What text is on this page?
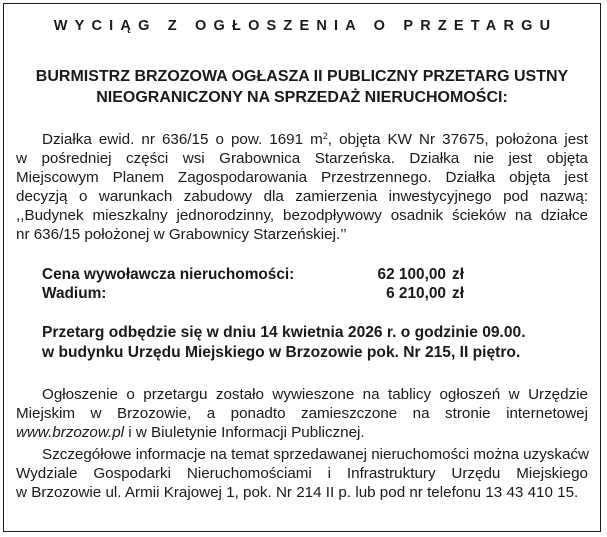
WYCIĄG Z OGŁOSZENIA O PRZETARGU
BURMISTRZ BRZOZOWA OGŁASZA II PUBLICZNY PRZETARG USTNY
NIEOGRANICZONY NA SPRZEDAŻ NIERUCHOMOŚCI:
Działka ewid. nr 636/15 o pow. 1691 $m^2$, objęta KW Nr 37675, położona jest
w pośredniej części wsi Grabownica Starzeńska. Działka nie jest objęta
Miejscowym Planem Zagospodarowania Przestrzennego. Działka objęta jest
decyzją o warunkach zabudowy dla zamierzenia inwestycyjnego pod nazwą:
,,Budynek mieszkalny jednorodzinny, bezodpływowy osadnik ścieków na działce
nr 636/15 położonej w Grabownicy Starzeńskiej.’’
Cena wywoławcza nieruchomości:	62 100,00 zł
Wadium:	6 210,00 zł
Przetarg odbędzie się w dniu 14 kwietnia 2026 r. o godzinie 09.00.
w budynku Urzędu Miejskiego w Brzozowie pok. Nr 215, II piętro.
Ogłoszenie o przetargu zostało wywieszone na tablicy ogłoszeń w Urzędzie
Miejskim w Brzozowie, a ponadto zamieszczone na stronie internetowej
www.brzozow.pl i w Biuletynie Informacji Publicznej.
Szczegółowe informacje na temat sprzedawanej nieruchomości można uzyskaćw
Wydziale Gospodarki Nieruchomościami i Infrastruktury Urzędu Miejskiego
w Brzozowie ul. Armii Krajowej 1, pok. Nr 214 II p. lub pod nr telefonu 13 43 410 15.
